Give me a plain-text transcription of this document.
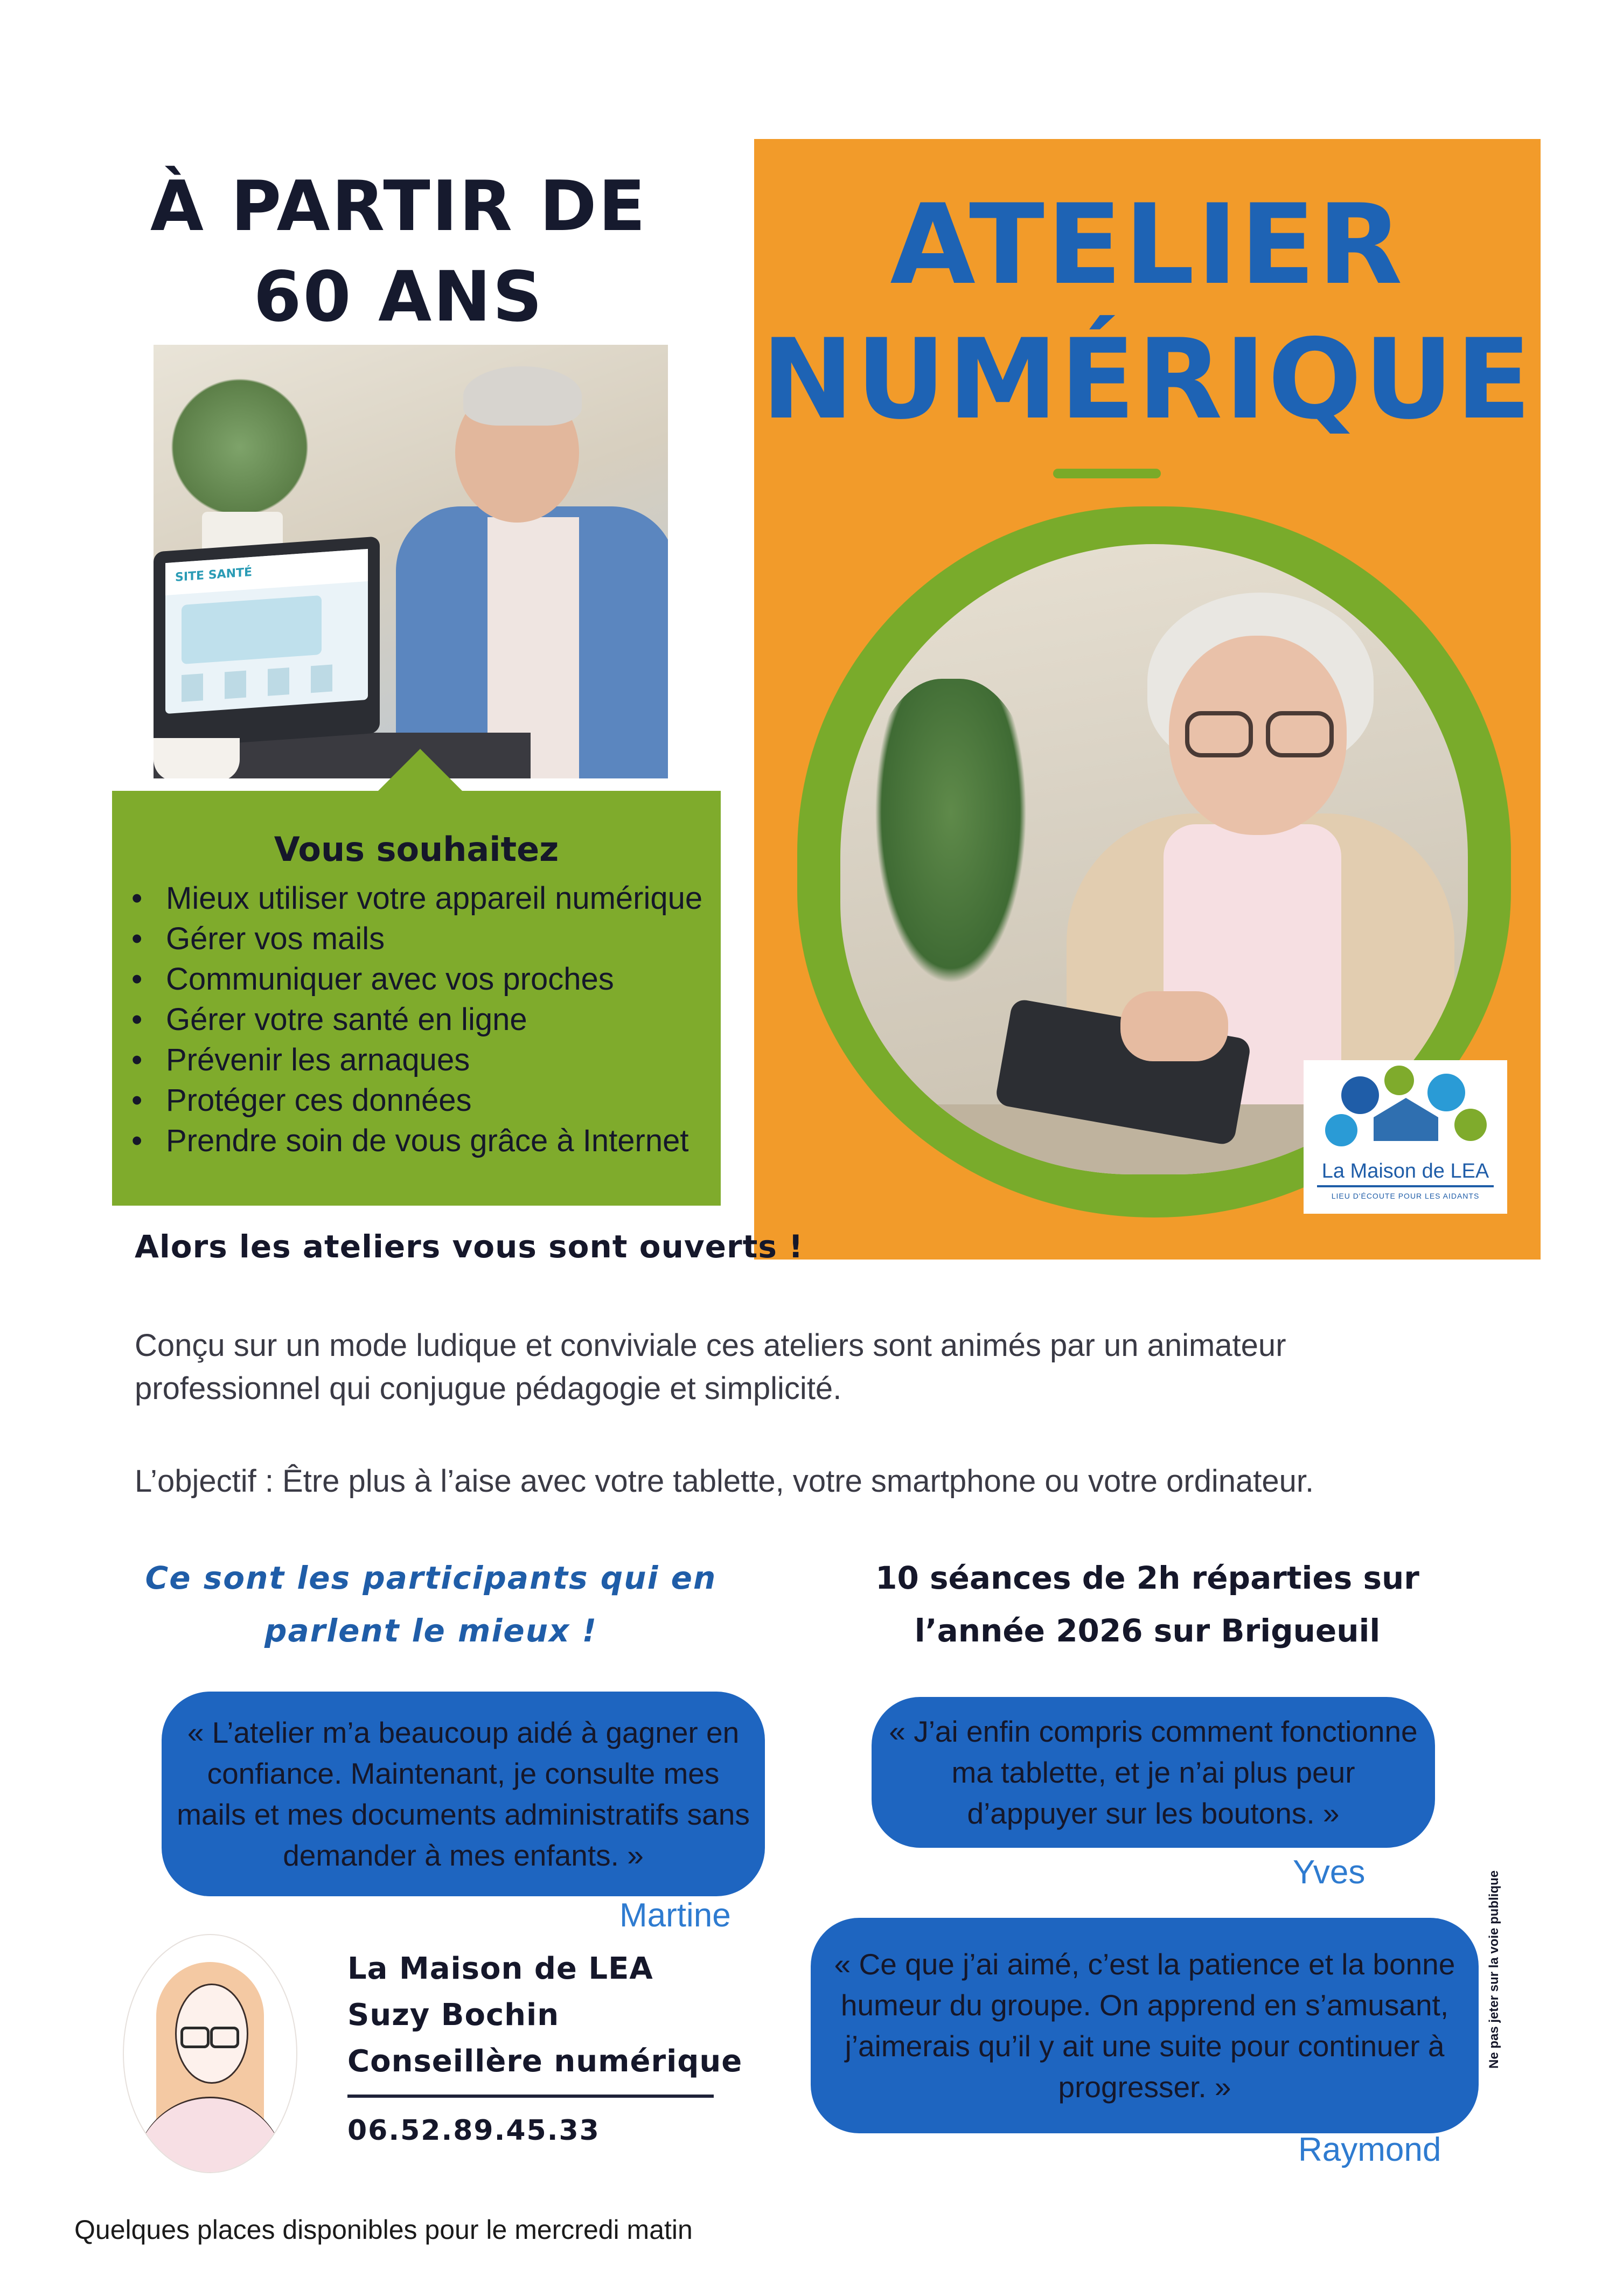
À PARTIR DE
60 ANS
SITE SANTÉ
Vous souhaitez
• Mieux utiliser votre appareil numérique
• Gérer vos mails
• Communiquer avec vos proches
• Gérer votre santé en ligne
• Prévenir les arnaques
• Protéger ces données
• Prendre soin de vous grâce à Internet
ATELIER
NUMÉRIQUE
La Maison de LEA
LIEU D'ÉCOUTE POUR LES AIDANTS
Alors les ateliers vous sont ouverts !
Conçu sur un mode ludique et conviviale ces ateliers sont animés par un animateur
professionnel qui conjugue pédagogie et simplicité.
L’objectif : Être plus à l’aise avec votre tablette, votre smartphone ou votre ordinateur.
Ce sont les participants qui en
parlent le mieux !
10 séances de 2h réparties sur
l’année 2026 sur Brigueuil
« L’atelier m’a beaucoup aidé à gagner en confiance. Maintenant, je consulte mes mails et mes documents administratifs sans demander à mes enfants. »
Martine
« J’ai enfin compris comment fonctionne ma tablette, et je n’ai plus peur d’appuyer sur les boutons. »
Yves
« Ce que j’ai aimé, c’est la patience et la bonne humeur du groupe. On apprend en s’amusant, j’aimerais qu’il y ait une suite pour continuer à progresser. »
Raymond
La Maison de LEA
Suzy Bochin
Conseillère numérique
06.52.89.45.33
Quelques places disponibles pour le mercredi matin
Ne pas jeter sur la voie publique
